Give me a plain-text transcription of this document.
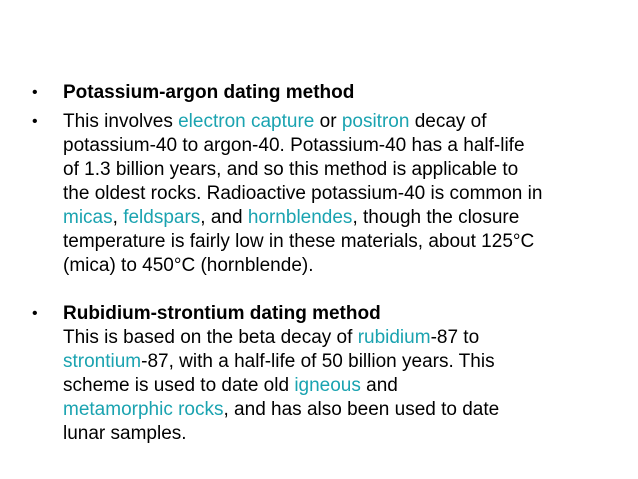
• Potassium-argon dating method
• This involves electron capture or positron decay of
potassium-40 to argon-40. Potassium-40 has a half-life
of 1.3 billion years, and so this method is applicable to
the oldest rocks. Radioactive potassium-40 is common in
micas, feldspars, and hornblendes, though the closure
temperature is fairly low in these materials, about 125°C
(mica) to 450°C (hornblende).
• Rubidium-strontium dating method
This is based on the beta decay of rubidium-87 to
strontium-87, with a half-life of 50 billion years. This
scheme is used to date old igneous and
metamorphic rocks, and has also been used to date
lunar samples.
